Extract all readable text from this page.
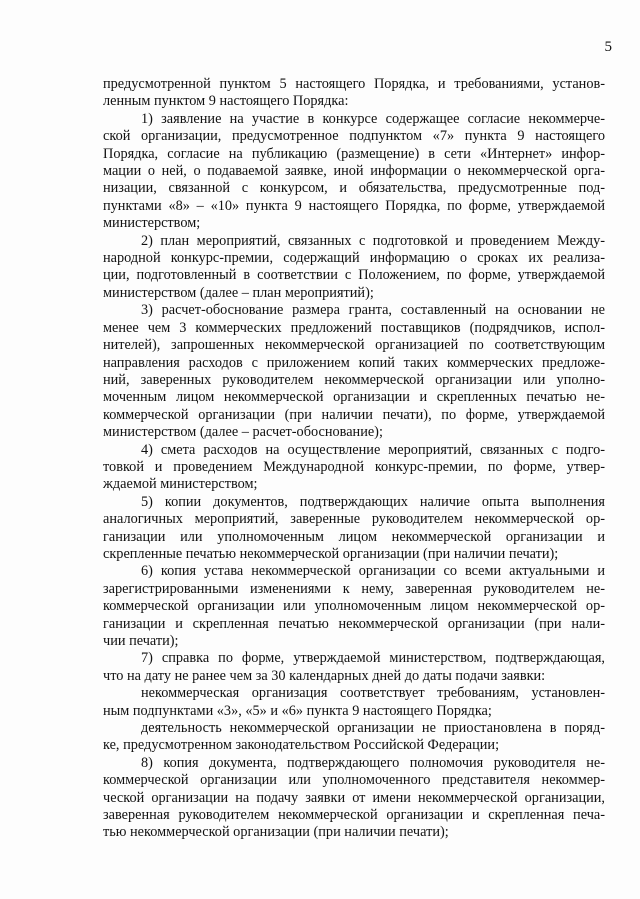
5
предусмотренной пунктом 5 настоящего Порядка, и требованиями, установ-
ленным пунктом 9 настоящего Порядка:
1) заявление на участие в конкурсе содержащее согласие некоммерче-
ской организации, предусмотренное подпунктом «7» пункта 9 настоящего
Порядка, согласие на публикацию (размещение) в сети «Интернет» инфор-
мации о ней, о подаваемой заявке, иной информации о некоммерческой орга-
низации, связанной с конкурсом, и обязательства, предусмотренные под-
пунктами «8» – «10» пункта 9 настоящего Порядка, по форме, утверждаемой
министерством;
2) план мероприятий, связанных с подготовкой и проведением Между-
народной конкурс-премии, содержащий информацию о сроках их реализа-
ции, подготовленный в соответствии с Положением, по форме, утверждаемой
министерством (далее – план мероприятий);
3) расчет-обоснование размера гранта, составленный на основании не
менее чем 3 коммерческих предложений поставщиков (подрядчиков, испол-
нителей), запрошенных некоммерческой организацией по соответствующим
направления расходов с приложением копий таких коммерческих предложе-
ний, заверенных руководителем некоммерческой организации или уполно-
моченным лицом некоммерческой организации и скрепленных печатью не-
коммерческой организации (при наличии печати), по форме, утверждаемой
министерством (далее – расчет-обоснование);
4) смета расходов на осуществление мероприятий, связанных с подго-
товкой и проведением Международной конкурс-премии, по форме, утвер-
ждаемой министерством;
5) копии документов, подтверждающих наличие опыта выполнения
аналогичных мероприятий, заверенные руководителем некоммерческой ор-
ганизации или уполномоченным лицом некоммерческой организации и
скрепленные печатью некоммерческой организации (при наличии печати);
6) копия устава некоммерческой организации со всеми актуальными и
зарегистрированными изменениями к нему, заверенная руководителем не-
коммерческой организации или уполномоченным лицом некоммерческой ор-
ганизации и скрепленная печатью некоммерческой организации (при нали-
чии печати);
7) справка по форме, утверждаемой министерством, подтверждающая,
что на дату не ранее чем за 30 календарных дней до даты подачи заявки:
некоммерческая организация соответствует требованиям, установлен-
ным подпунктами «3», «5» и «6» пункта 9 настоящего Порядка;
деятельность некоммерческой организации не приостановлена в поряд-
ке, предусмотренном законодательством Российской Федерации;
8) копия документа, подтверждающего полномочия руководителя не-
коммерческой организации или уполномоченного представителя некоммер-
ческой организации на подачу заявки от имени некоммерческой организации,
заверенная руководителем некоммерческой организации и скрепленная печа-
тью некоммерческой организации (при наличии печати);
